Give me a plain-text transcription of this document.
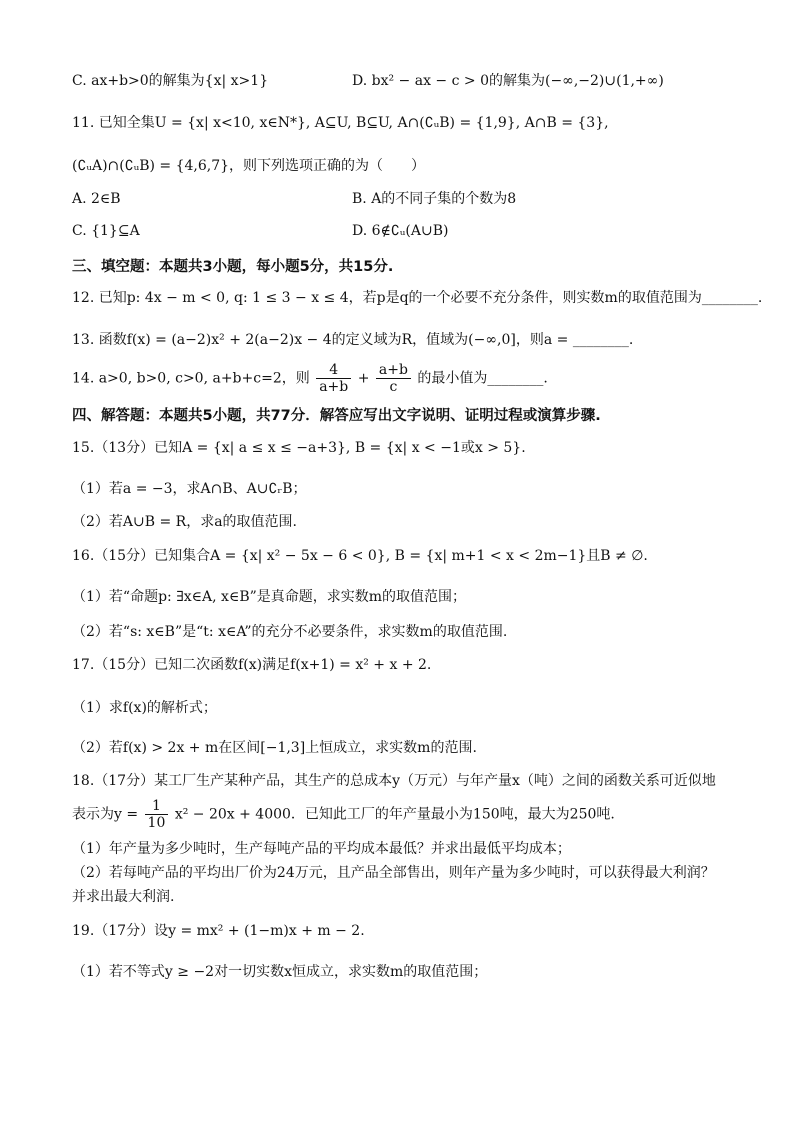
C. ax+b>0的解集为{x| x>1}	D. bx² − ax − c > 0的解集为(−∞,−2)∪(1,+∞)
11. 已知全集U = {x| x<10, x∈N*}, A⊆U, B⊆U, A∩(∁ᵤB) = {1,9}, A∩B = {3},
(∁ᵤA)∩(∁ᵤB) = {4,6,7}，则下列选项正确的为（　　）
A. 2∈B	B. A的不同子集的个数为8
C. {1}⊆A	D. 6∉∁ᵤ(A∪B)
三、填空题：本题共3小题，每小题5分，共15分.
12. 已知p: 4x − m < 0, q: 1 ≤ 3 − x ≤ 4，若p是q的一个必要不充分条件，则实数m的取值范围为________.
13. 函数f(x) = (a−2)x² + 2(a−2)x − 4的定义域为R，值域为(−∞,0]，则a = ________.
14. a>0, b>0, c>0, a+b+c=2，则 $\frac{4}{a+b} + \frac{a+b}{c}$ 的最小值为________.
四、解答题：本题共5小题，共77分．解答应写出文字说明、证明过程或演算步骤.
15.（13分）已知A = {x| a ≤ x ≤ −a+3}, B = {x| x < −1或x > 5}.
（1）若a = −3，求A∩B、A∪∁ᵣB；
（2）若A∪B = R，求a的取值范围.
16.（15分）已知集合A = {x| x² − 5x − 6 < 0}, B = {x| m+1 < x < 2m−1}且B ≠ ∅.
（1）若“命题p: ∃x∈A, x∈B”是真命题，求实数m的取值范围；
（2）若“s: x∈B”是“t: x∈A”的充分不必要条件，求实数m的取值范围.
17.（15分）已知二次函数f(x)满足f(x+1) = x² + x + 2.
（1）求f(x)的解析式；
（2）若f(x) > 2x + m在区间[−1,3]上恒成立，求实数m的范围.
18.（17分）某工厂生产某种产品，其生产的总成本y（万元）与年产量x（吨）之间的函数关系可近似地
表示为$y = \frac{1}{10} x^2 - 20x + 4000$．已知此工厂的年产量最小为150吨，最大为250吨.
（1）年产量为多少吨时，生产每吨产品的平均成本最低？并求出最低平均成本；
（2）若每吨产品的平均出厂价为24万元，且产品全部售出，则年产量为多少吨时，可以获得最大利润？
并求出最大利润.
19.（17分）设y = mx² + (1−m)x + m − 2.
（1）若不等式y ≥ −2对一切实数x恒成立，求实数m的取值范围；
